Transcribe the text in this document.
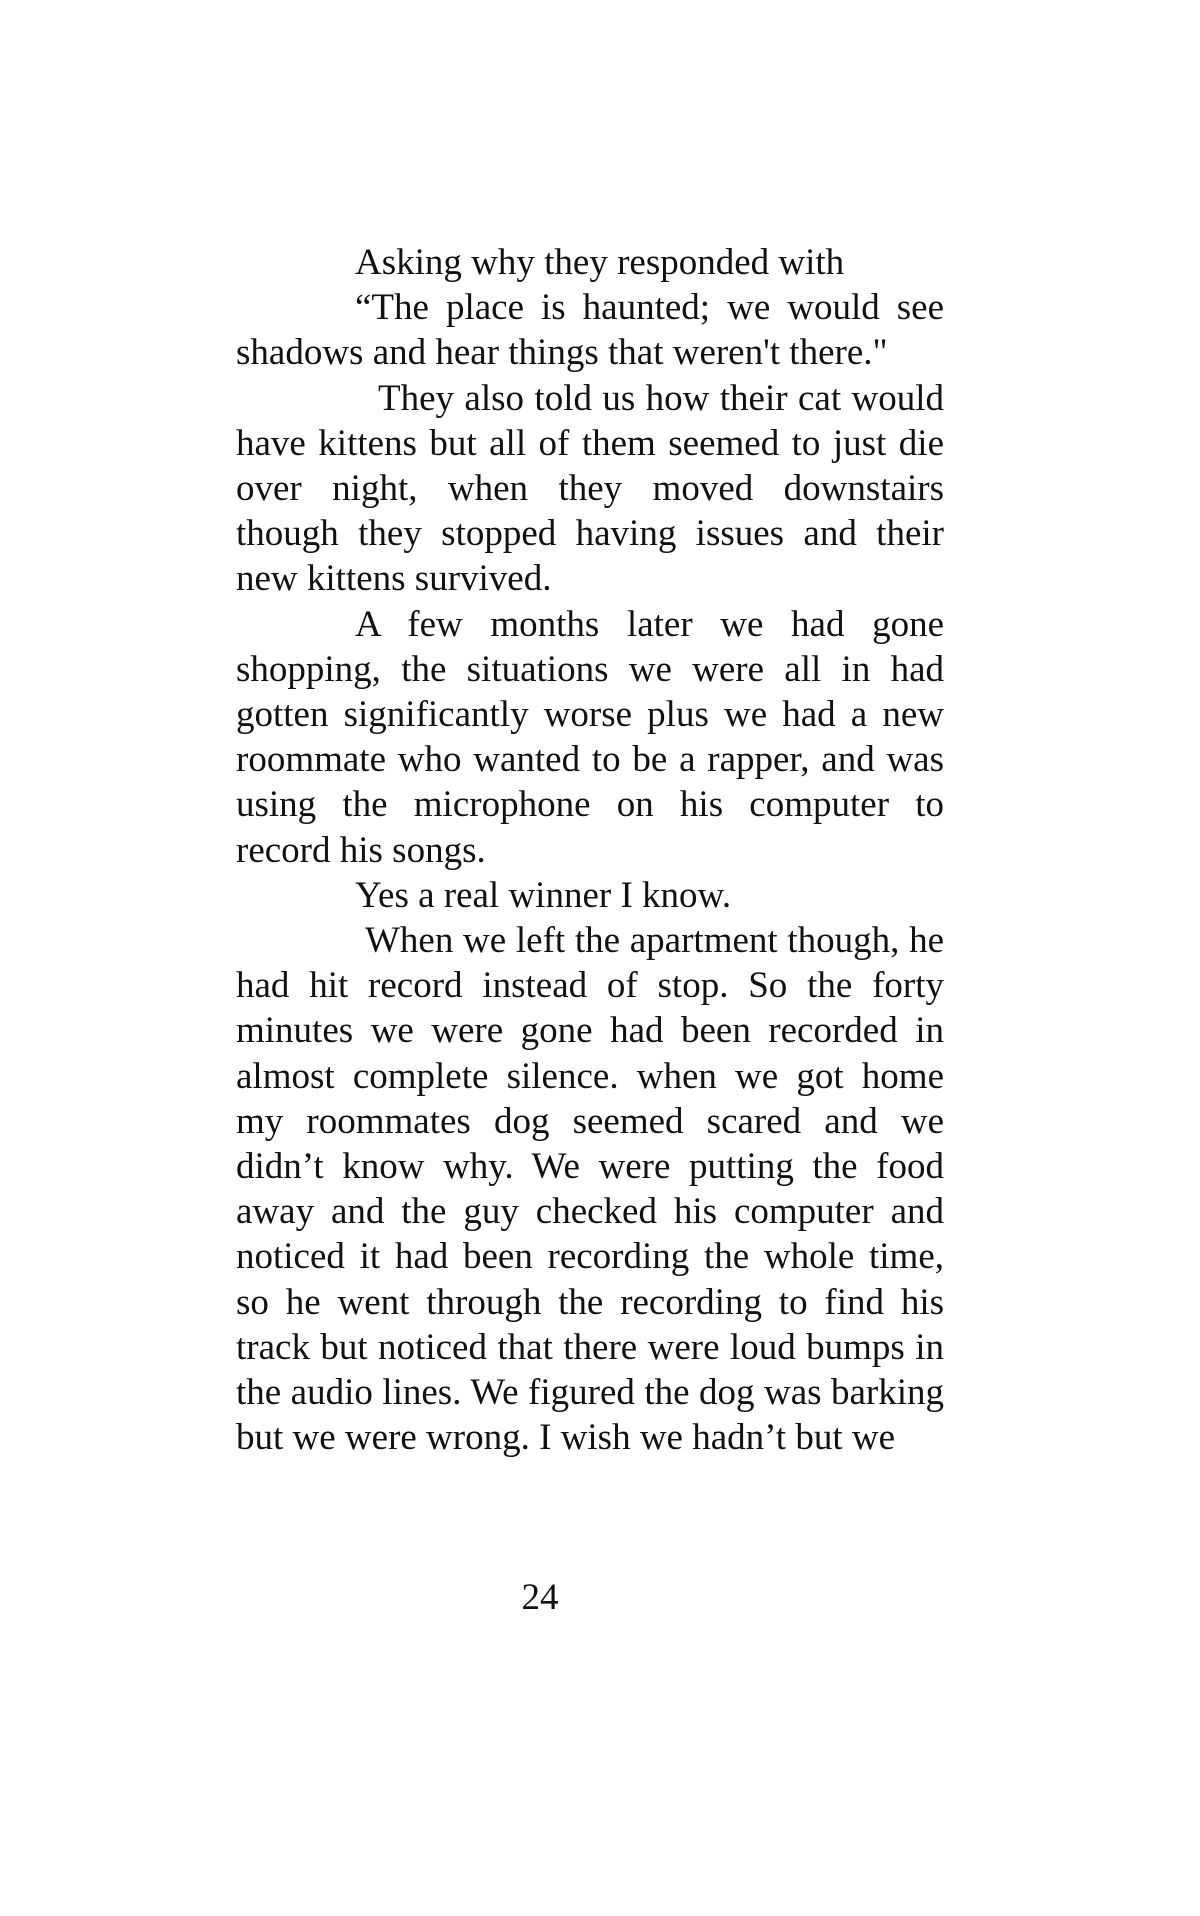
Asking why they responded with

“The place is haunted; we would see shadows and hear things that weren't there."

They also told us how their cat would have kittens but all of them seemed to just die over night, when they moved downstairs though they stopped having issues and their new kittens survived.

A few months later we had gone shopping, the situations we were all in had gotten significantly worse plus we had a new roommate who wanted to be a rapper, and was using the microphone on his computer to record his songs.

Yes a real winner I know.

When we left the apartment though, he had hit record instead of stop. So the forty minutes we were gone had been recorded in almost complete silence. when we got home my roommates dog seemed scared and we didn’t know why. We were putting the food away and the guy checked his computer and noticed it had been recording the whole time, so he went through the recording to find his track but noticed that there were loud bumps in the audio lines. We figured the dog was barking but we were wrong. I wish we hadn’t but we

24
